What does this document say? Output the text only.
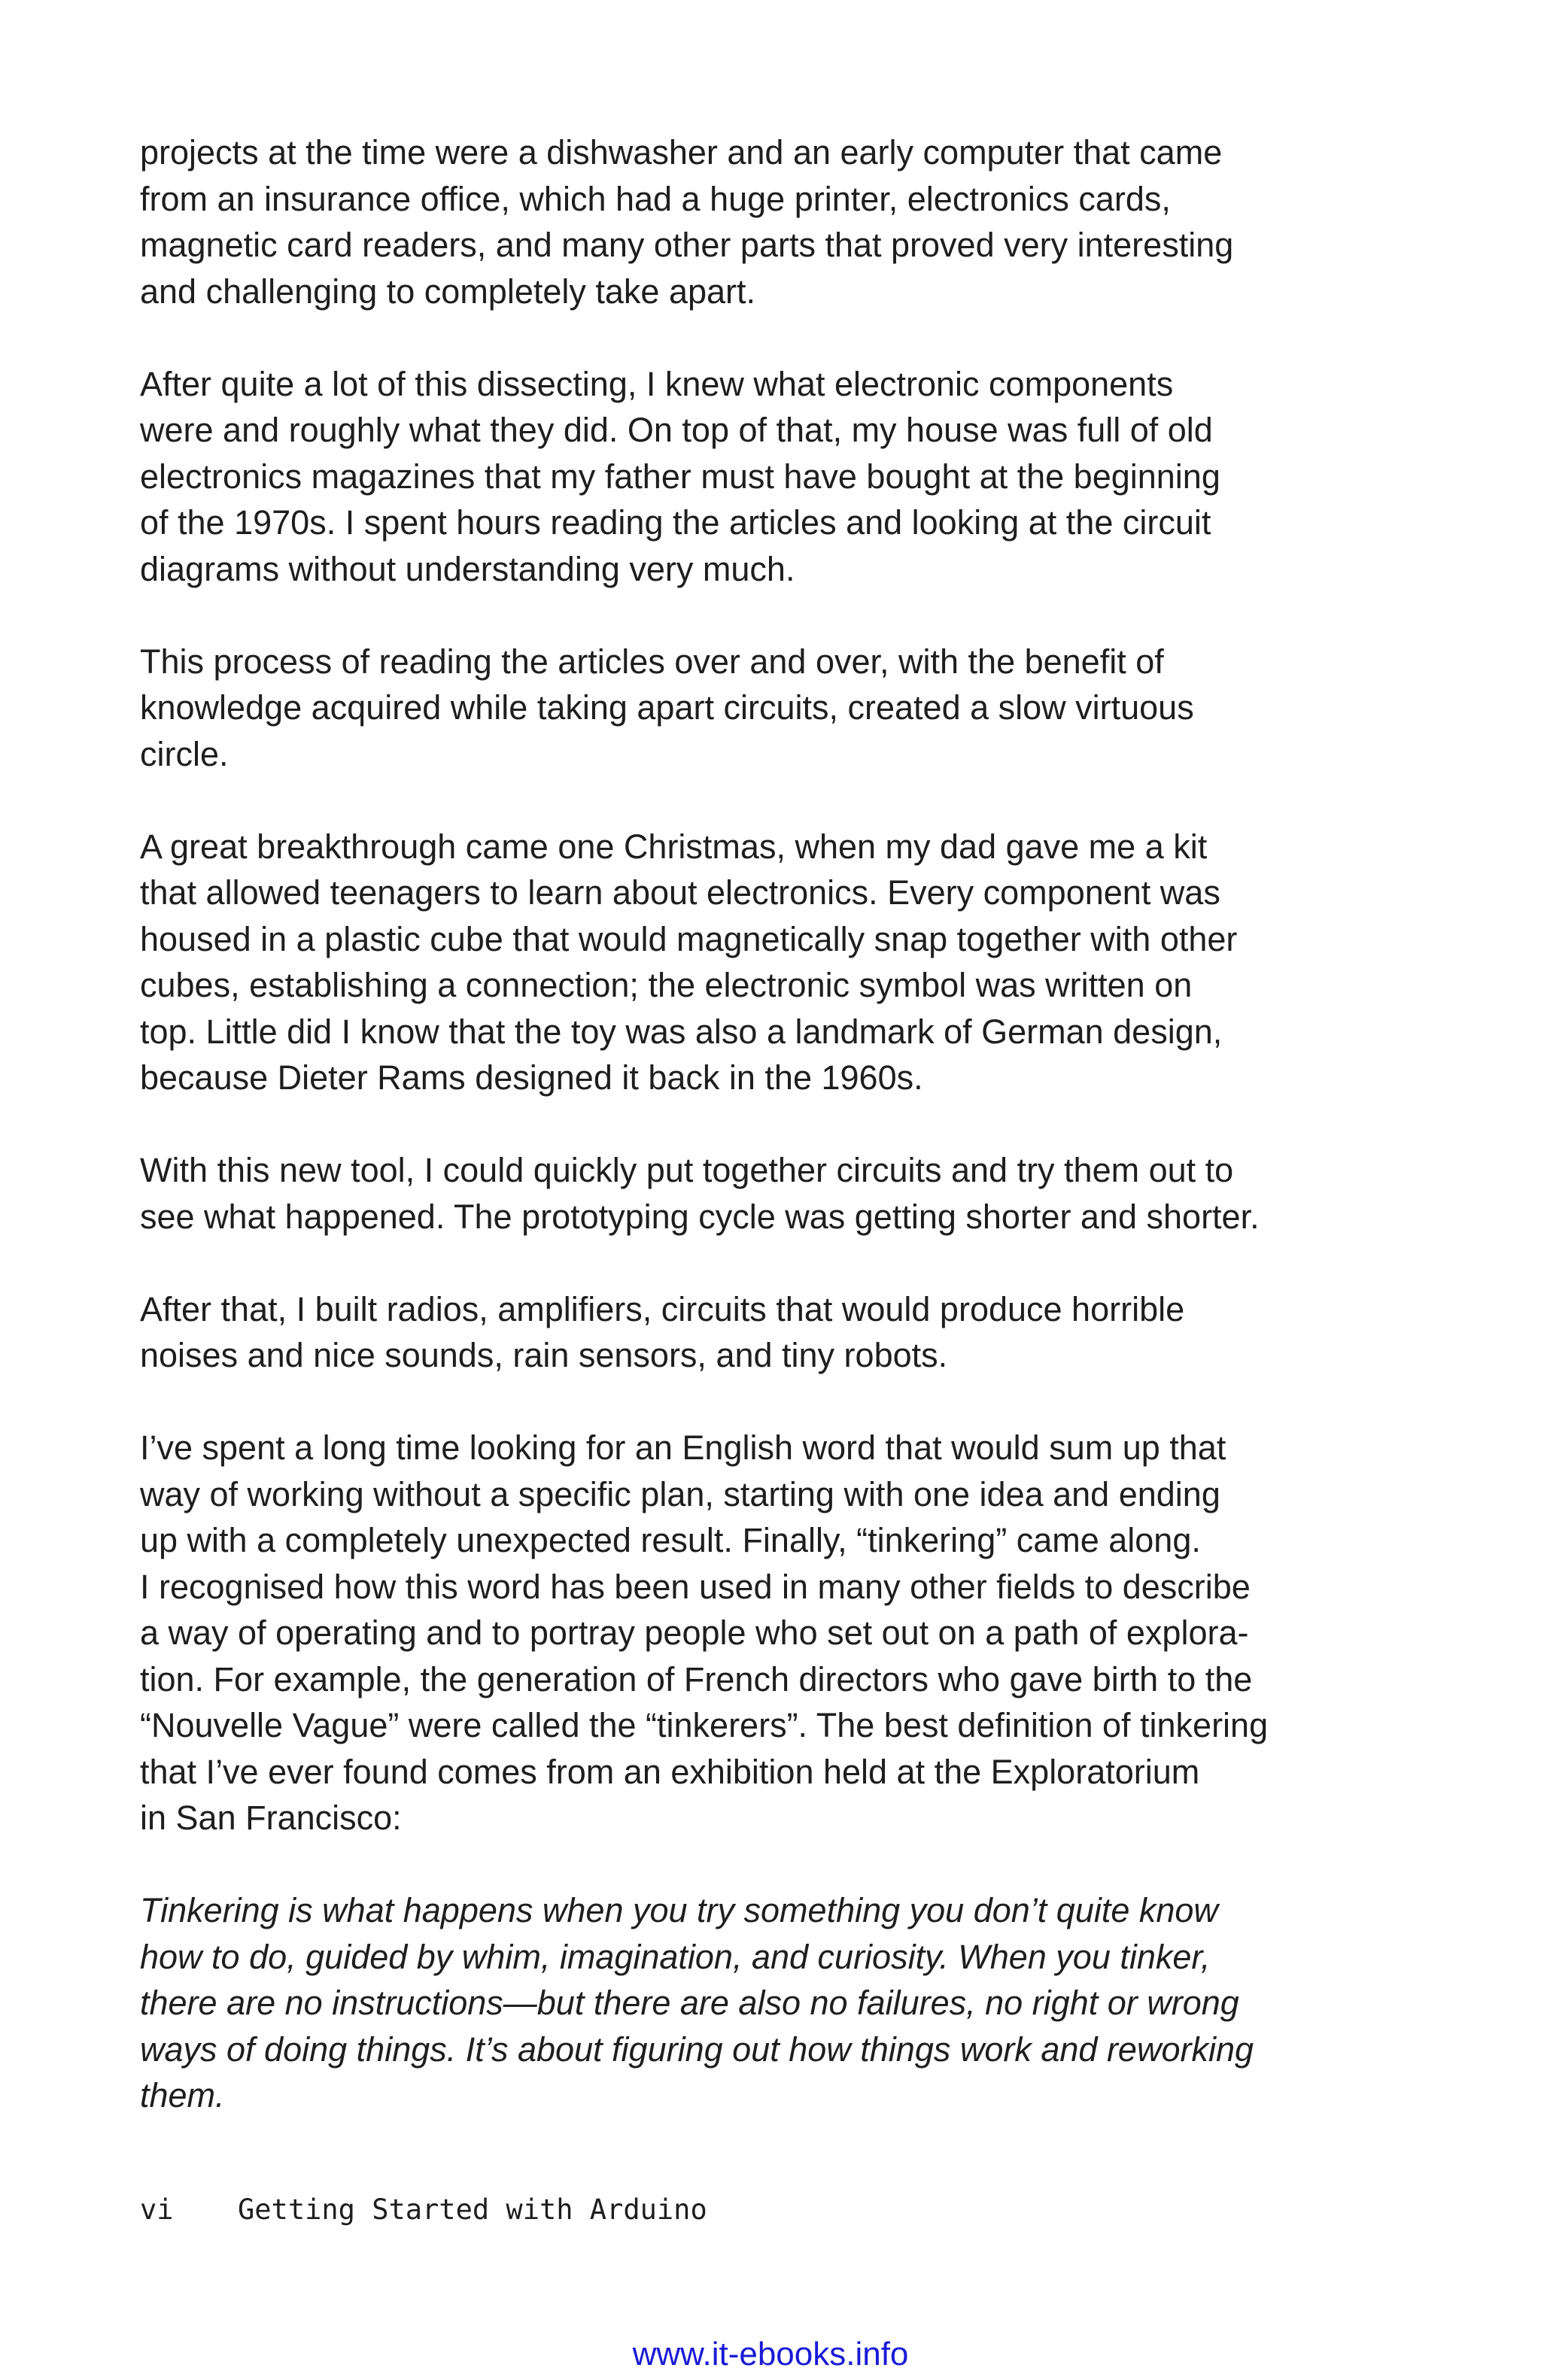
projects at the time were a dishwasher and an early computer that came
from an insurance office, which had a huge printer, electronics cards,
magnetic card readers, and many other parts that proved very interesting
and challenging to completely take apart.

After quite a lot of this dissecting, I knew what electronic components
were and roughly what they did. On top of that, my house was full of old
electronics magazines that my father must have bought at the beginning
of the 1970s. I spent hours reading the articles and looking at the circuit
diagrams without understanding very much.

This process of reading the articles over and over, with the benefit of
knowledge acquired while taking apart circuits, created a slow virtuous
circle.

A great breakthrough came one Christmas, when my dad gave me a kit
that allowed teenagers to learn about electronics. Every component was
housed in a plastic cube that would magnetically snap together with other
cubes, establishing a connection; the electronic symbol was written on
top. Little did I know that the toy was also a landmark of German design,
because Dieter Rams designed it back in the 1960s.

With this new tool, I could quickly put together circuits and try them out to
see what happened. The prototyping cycle was getting shorter and shorter.

After that, I built radios, amplifiers, circuits that would produce horrible
noises and nice sounds, rain sensors, and tiny robots.

I’ve spent a long time looking for an English word that would sum up that
way of working without a specific plan, starting with one idea and ending
up with a completely unexpected result. Finally, “tinkering” came along.
I recognised how this word has been used in many other fields to describe
a way of operating and to portray people who set out on a path of explora-
tion. For example, the generation of French directors who gave birth to the
“Nouvelle Vague” were called the “tinkerers”. The best definition of tinkering
that I’ve ever found comes from an exhibition held at the Exploratorium
in San Francisco:

Tinkering is what happens when you try something you don’t quite know
how to do, guided by whim, imagination, and curiosity. When you tinker,
there are no instructions—but there are also no failures, no right or wrong
ways of doing things. It’s about figuring out how things work and reworking
them.

vi Getting Started with Arduino
www.it-ebooks.info
